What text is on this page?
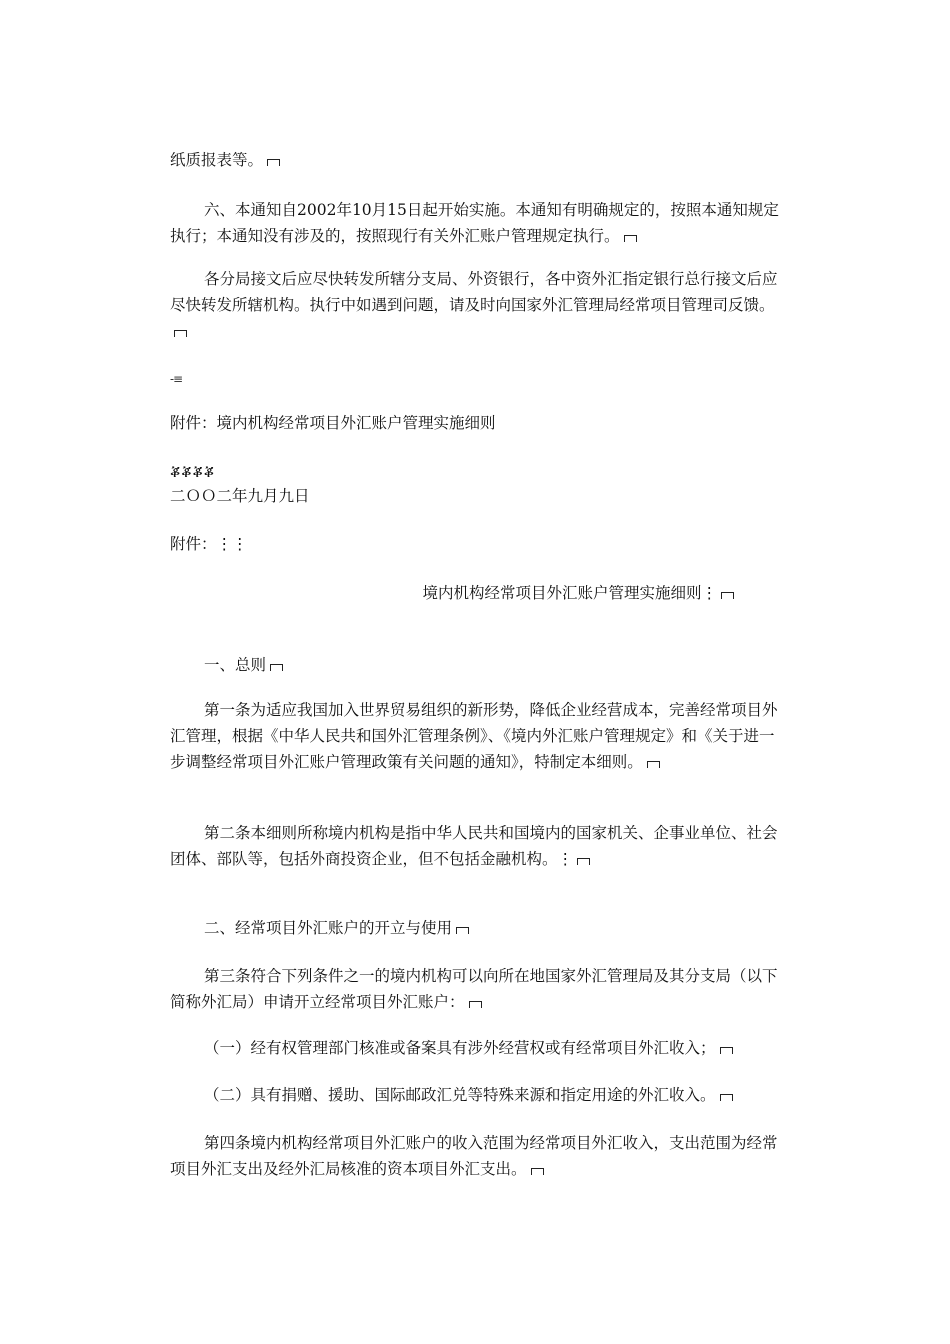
纸质报表等。

六、本通知自2002年10月15日起开始实施。本通知有明确规定的，按照本通知规定执行；本通知没有涉及的，按照现行有关外汇账户管理规定执行。

各分局接文后应尽快转发所辖分支局、外资银行，各中资外汇指定银行总行接文后应尽快转发所辖机构。执行中如遇到问题，请及时向国家外汇管理局经常项目管理司反馈。

-≡

附件：境内机构经常项目外汇账户管理实施细则

ቖቖቖቖ

二ＯＯ二年九月九日

附件：⋮⋮

境内机构经常项目外汇账户管理实施细则⋮

一、总则

第一条为适应我国加入世界贸易组织的新形势，降低企业经营成本，完善经常项目外汇管理，根据《中华人民共和国外汇管理条例》、《境内外汇账户管理规定》和《关于进一步调整经常项目外汇账户管理政策有关问题的通知》，特制定本细则。

第二条本细则所称境内机构是指中华人民共和国境内的国家机关、企事业单位、社会团体、部队等，包括外商投资企业，但不包括金融机构。⋮

二、经常项目外汇账户的开立与使用

第三条符合下列条件之一的境内机构可以向所在地国家外汇管理局及其分支局（以下简称外汇局）申请开立经常项目外汇账户：

（一）经有权管理部门核准或备案具有涉外经营权或有经常项目外汇收入；

（二）具有捐赠、援助、国际邮政汇兑等特殊来源和指定用途的外汇收入。

第四条境内机构经常项目外汇账户的收入范围为经常项目外汇收入，支出范围为经常项目外汇支出及经外汇局核准的资本项目外汇支出。
